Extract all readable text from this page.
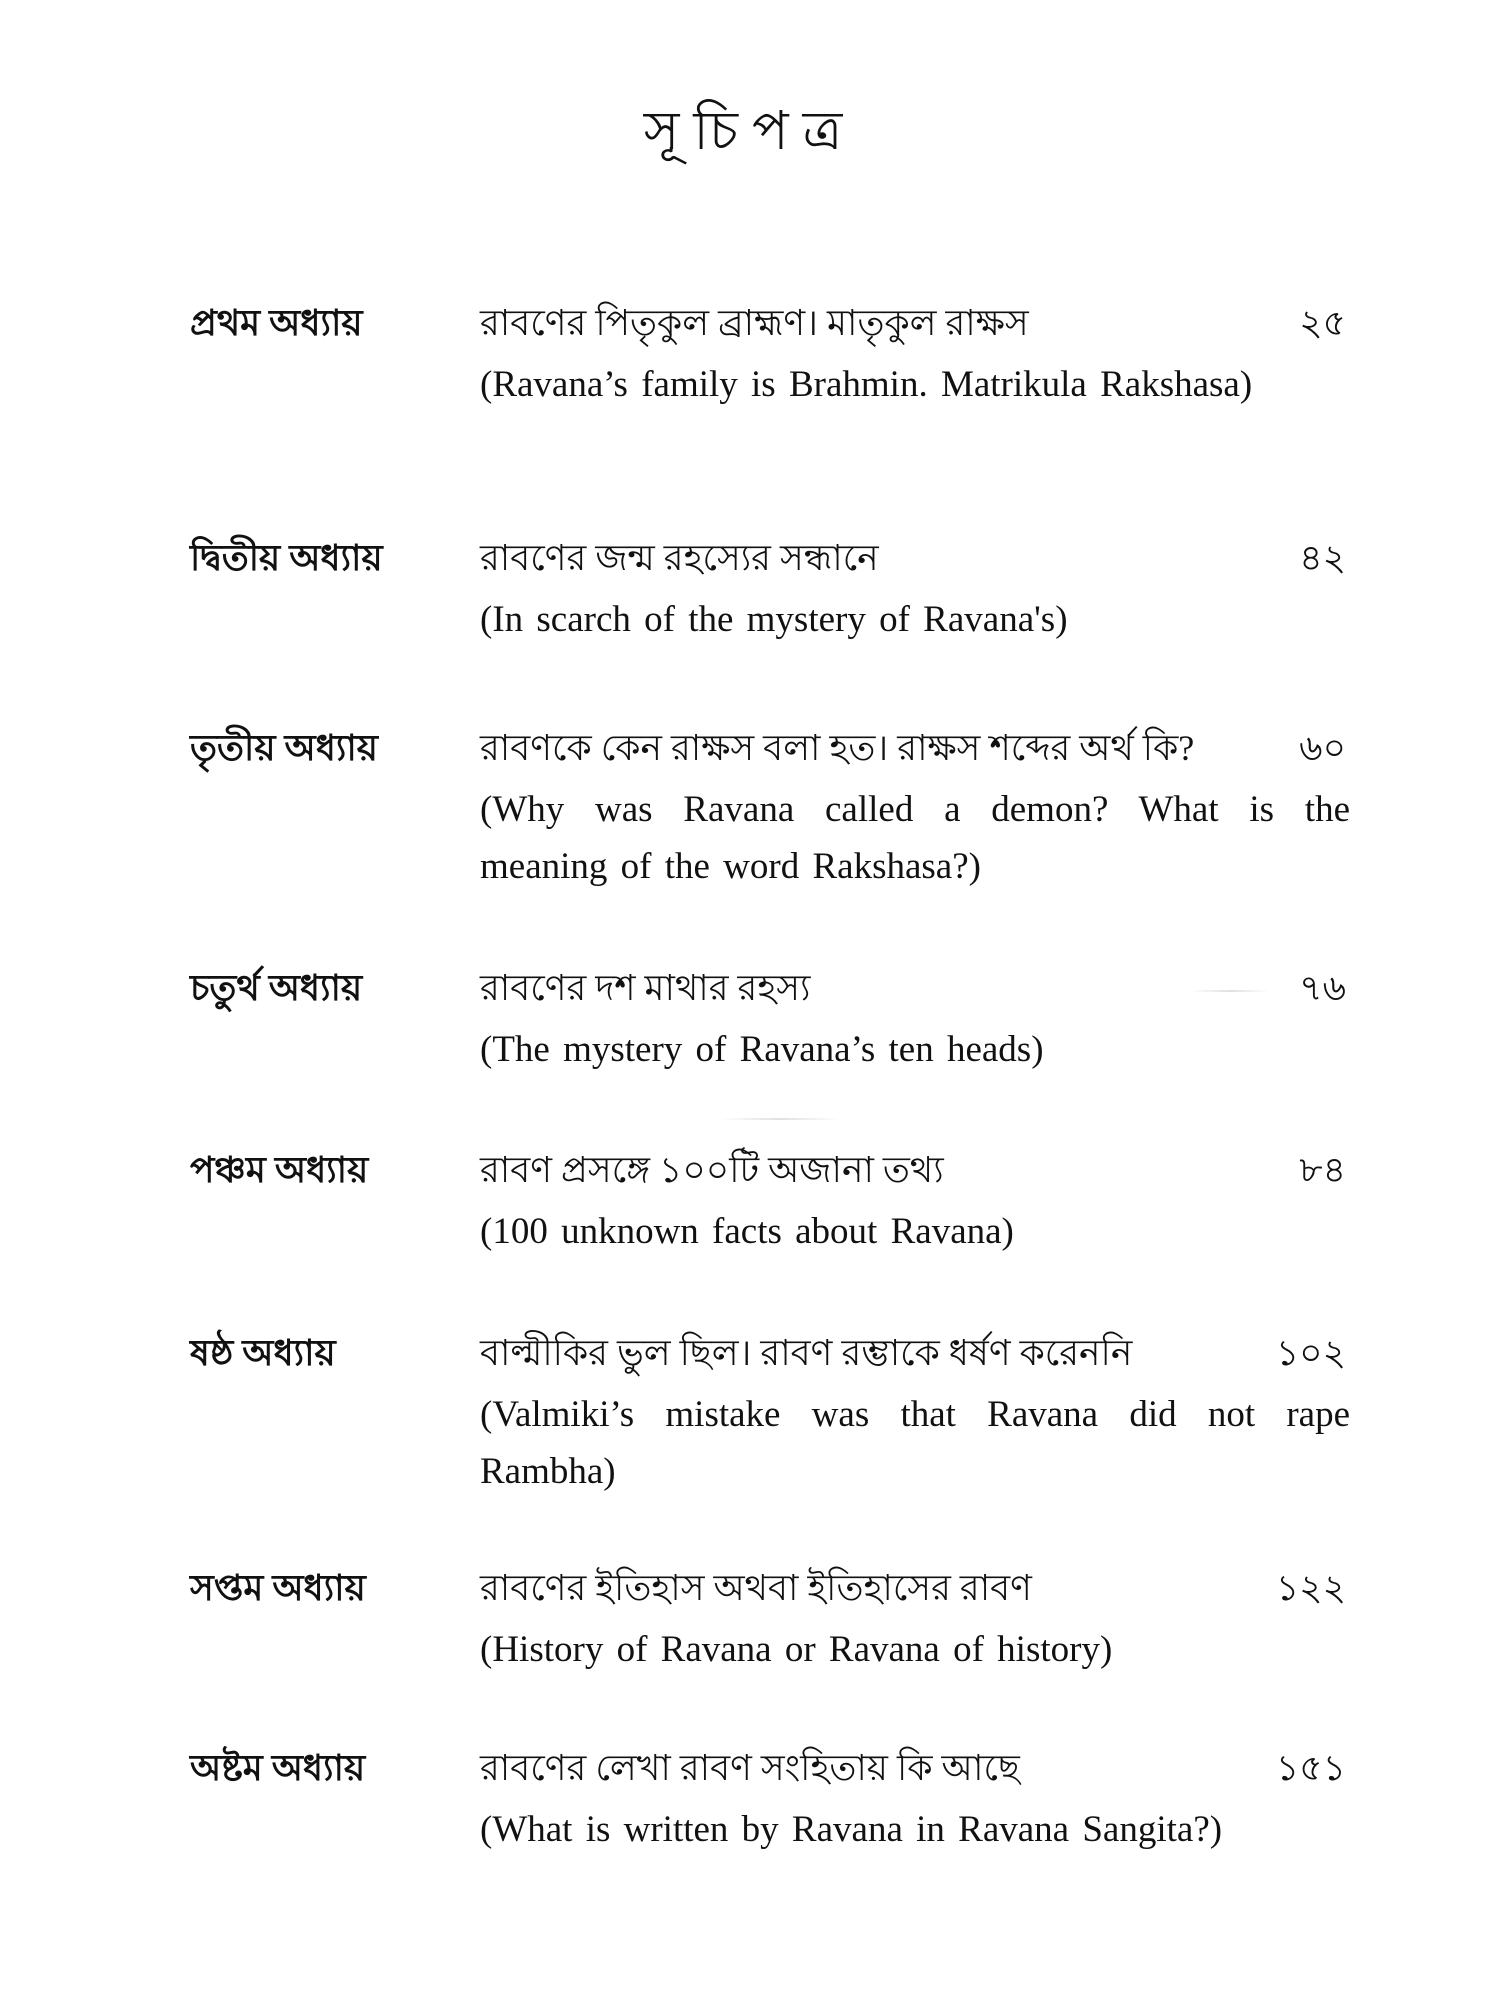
সূচিপত্র
প্রথম অধ্যায়	রাবণের পিতৃকুল ব্রাহ্মণ। মাতৃকুল রাক্ষস	২৫
(Ravana’s family is Brahmin. Matrikula Rakshasa)
দ্বিতীয় অধ্যায়	রাবণের জন্ম রহস্যের সন্ধানে	৪২
(In scarch of the mystery of Ravana's)
তৃতীয় অধ্যায়	রাবণকে কেন রাক্ষস বলা হত। রাক্ষস শব্দের অর্থ কি?	৬০
(Why was Ravana called a demon? What is the meaning of the word Rakshasa?)
চতুর্থ অধ্যায়	রাবণের দশ মাথার রহস্য	৭৬
(The mystery of Ravana’s ten heads)
পঞ্চম অধ্যায়	রাবণ প্রসঙ্গে ১০০টি অজানা তথ্য	৮৪
(100 unknown facts about Ravana)
ষষ্ঠ অধ্যায়	বাল্মীকির ভুল ছিল। রাবণ রম্ভাকে ধর্ষণ করেননি	১০২
(Valmiki’s mistake was that Ravana did not rape Rambha)
সপ্তম অধ্যায়	রাবণের ইতিহাস অথবা ইতিহাসের রাবণ	১২২
(History of Ravana or Ravana of history)
অষ্টম অধ্যায়	রাবণের লেখা রাবণ সংহিতায় কি আছে	১৫১
(What is written by Ravana in Ravana Sangita?)
